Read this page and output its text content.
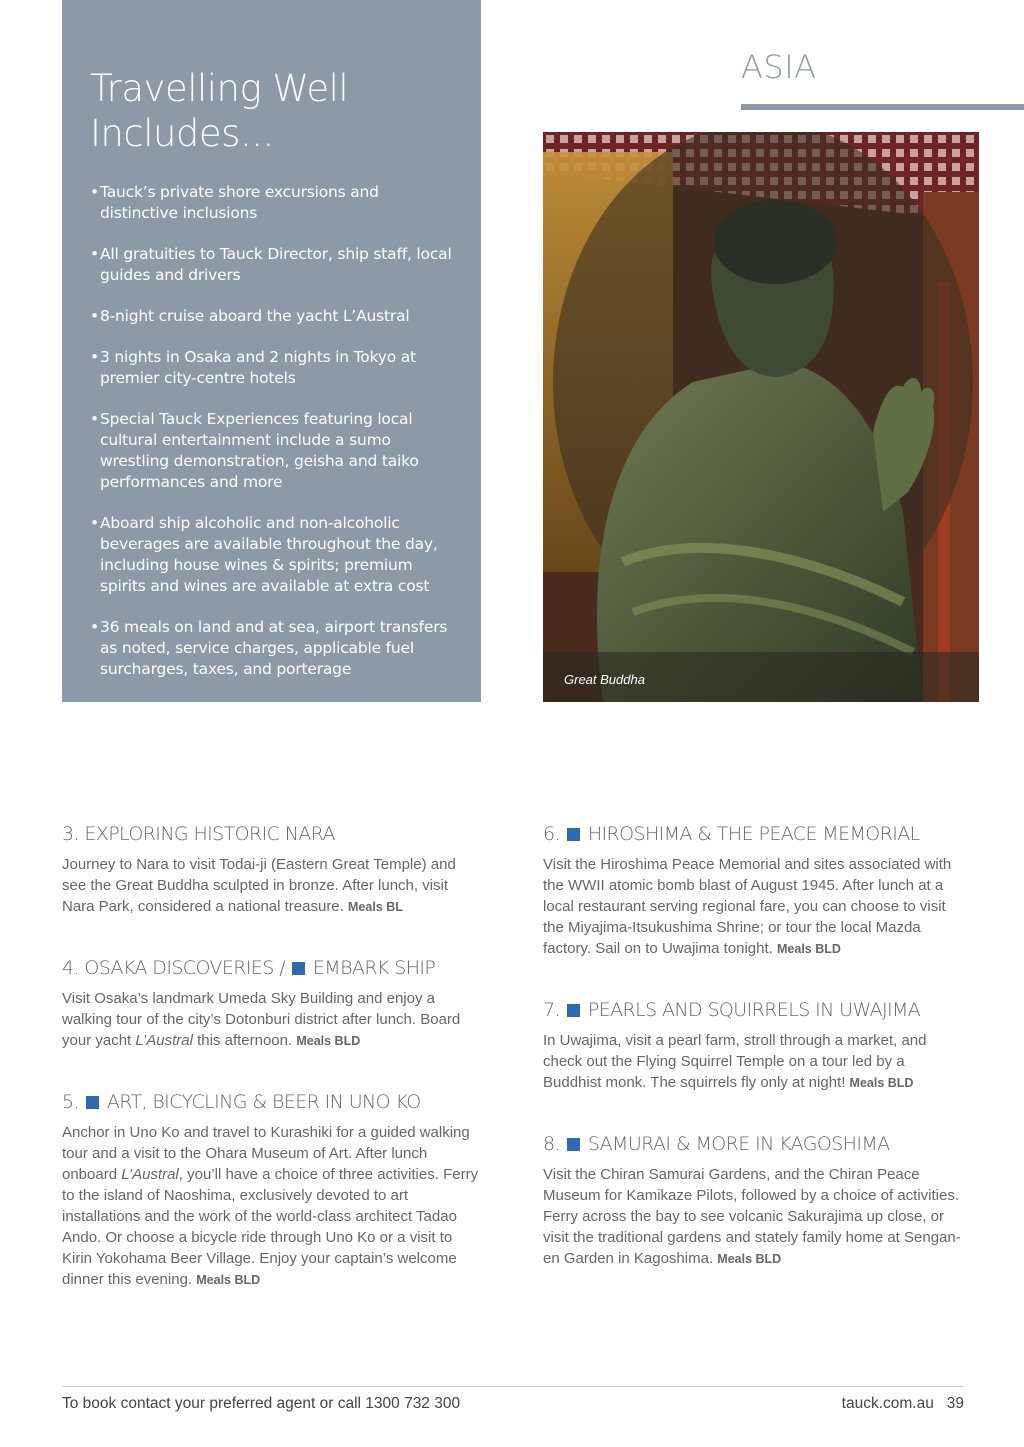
Travelling Well
Includes...
• Tauck’s private shore excursions and distinctive inclusions
• All gratuities to Tauck Director, ship staff, local guides and drivers
• 8-night cruise aboard the yacht L’Austral
• 3 nights in Osaka and 2 nights in Tokyo at premier city-centre hotels
• Special Tauck Experiences featuring local cultural entertainment include a sumo wrestling demonstration, geisha and taiko performances and more
• Aboard ship alcoholic and non-alcoholic beverages are available throughout the day, including house wines & spirits; premium spirits and wines are available at extra cost
• 36 meals on land and at sea, airport transfers as noted, service charges, applicable fuel surcharges, taxes, and porterage
ASIA
Great Buddha
3. EXPLORING HISTORIC NARA

Journey to Nara to visit Todai-ji (Eastern Great Temple) and see the Great Buddha sculpted in bronze. After lunch, visit Nara Park, considered a national treasure. Meals BL

4. OSAKA DISCOVERIES /  EMBARK SHIP

Visit Osaka’s landmark Umeda Sky Building and enjoy a walking tour of the city’s Dotonburi district after lunch. Board your yacht L’Austral this afternoon. Meals BLD

5. ART, BICYCLING & BEER IN UNO KO

Anchor in Uno Ko and travel to Kurashiki for a guided walking tour and a visit to the Ohara Museum of Art. After lunch onboard L’Austral, you’ll have a choice of three activities. Ferry to the island of Naoshima, exclusively devoted to art installations and the work of the world-class architect Tadao Ando. Or choose a bicycle ride through Uno Ko or a visit to Kirin Yokohama Beer Village. Enjoy your captain’s welcome dinner this evening. Meals BLD

6. HIROSHIMA & THE PEACE MEMORIAL

Visit the Hiroshima Peace Memorial and sites associated with the WWII atomic bomb blast of August 1945. After lunch at a local restaurant serving regional fare, you can choose to visit the Miyajima-Itsukushima Shrine; or tour the local Mazda factory. Sail on to Uwajima tonight. Meals BLD

7. PEARLS AND SQUIRRELS IN UWAJIMA

In Uwajima, visit a pearl farm, stroll through a market, and check out the Flying Squirrel Temple on a tour led by a Buddhist monk. The squirrels fly only at night! Meals BLD

8. SAMURAI & MORE IN KAGOSHIMA

Visit the Chiran Samurai Gardens, and the Chiran Peace Museum for Kamikaze Pilots, followed by a choice of activities. Ferry across the bay to see volcanic Sakurajima up close, or visit the traditional gardens and stately family home at Sengan-en Garden in Kagoshima. Meals BLD

To book contact your preferred agent or call 1300 732 300	tauck.com.au 39
